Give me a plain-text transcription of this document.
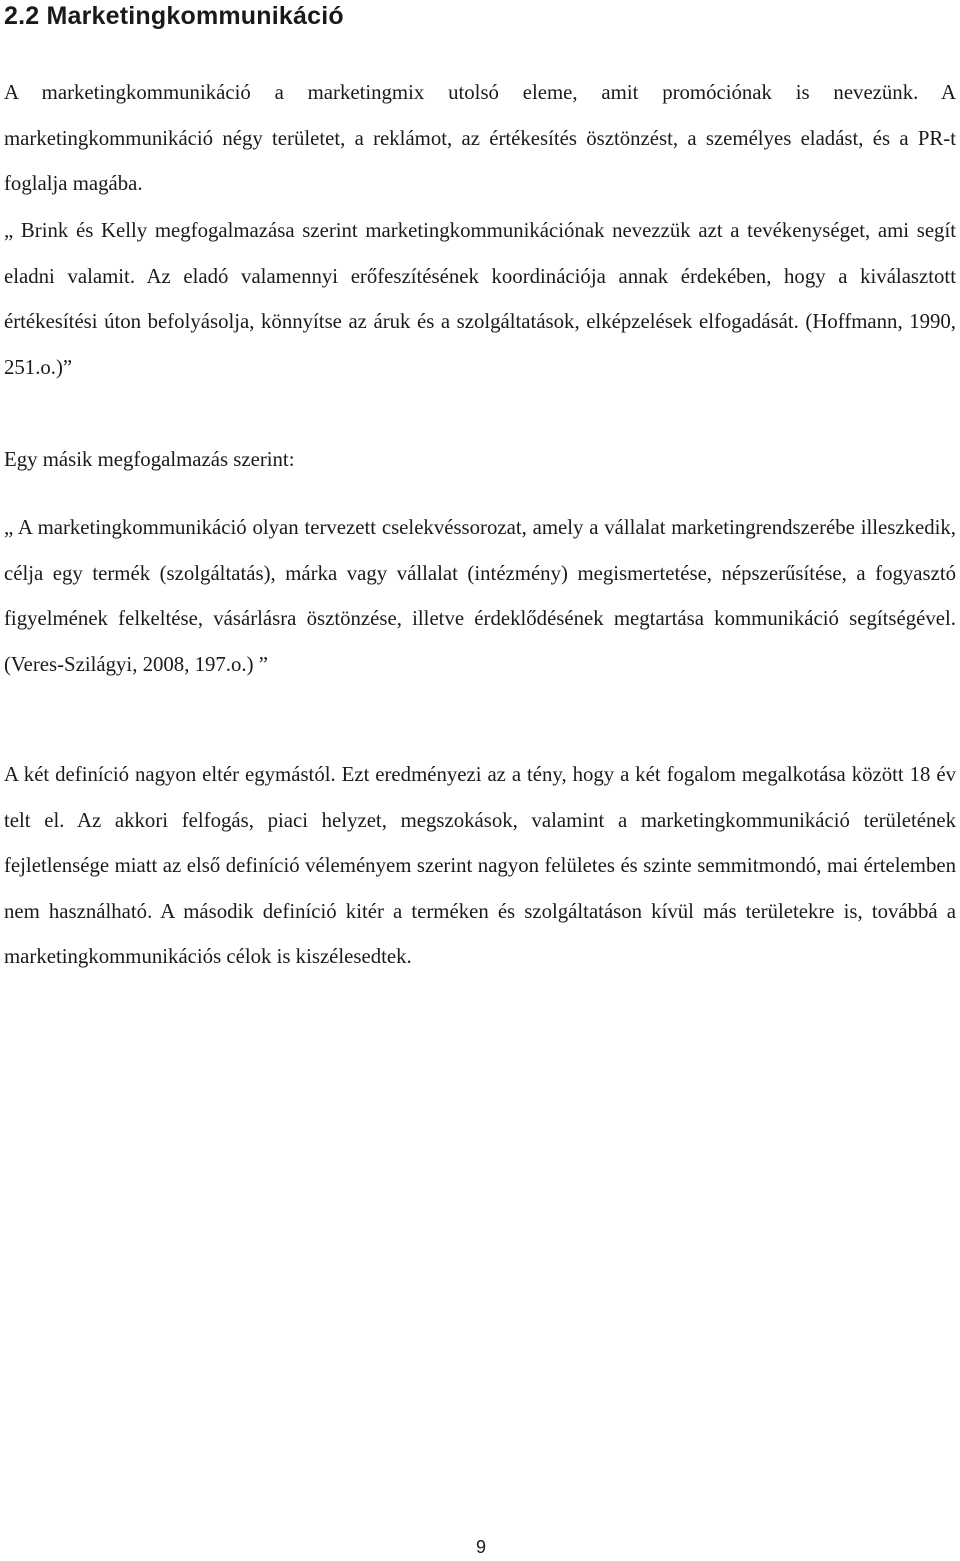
2.2 Marketingkommunikáció

A marketingkommunikáció a marketingmix utolsó eleme, amit promóciónak is nevezünk. A marketingkommunikáció négy területet, a reklámot, az értékesítés ösztönzést, a személyes eladást, és a PR-t foglalja magába.

„ Brink és Kelly megfogalmazása szerint marketingkommunikációnak nevezzük azt a tevékenységet, ami segít eladni valamit. Az eladó valamennyi erőfeszítésének koordinációja annak érdekében, hogy a kiválasztott értékesítési úton befolyásolja, könnyítse az áruk és a szolgáltatások, elképzelések elfogadását. (Hoffmann, 1990, 251.o.)”

Egy másik megfogalmazás szerint:

„ A marketingkommunikáció olyan tervezett cselekvéssorozat, amely a vállalat marketingrendszerébe illeszkedik, célja egy termék (szolgáltatás), márka vagy vállalat (intézmény) megismertetése, népszerűsítése, a fogyasztó figyelmének felkeltése, vásárlásra ösztönzése, illetve érdeklődésének megtartása kommunikáció segítségével. (Veres-Szilágyi, 2008, 197.o.) ”

A két definíció nagyon eltér egymástól. Ezt eredményezi az a tény, hogy a két fogalom megalkotása között 18 év telt el. Az akkori felfogás, piaci helyzet, megszokások, valamint a marketingkommunikáció területének fejletlensége miatt az első definíció véleményem szerint nagyon felületes és szinte semmitmondó, mai értelemben nem használható. A második definíció kitér a terméken és szolgáltatáson kívül más területekre is, továbbá a marketingkommunikációs célok is kiszélesedtek.

9
